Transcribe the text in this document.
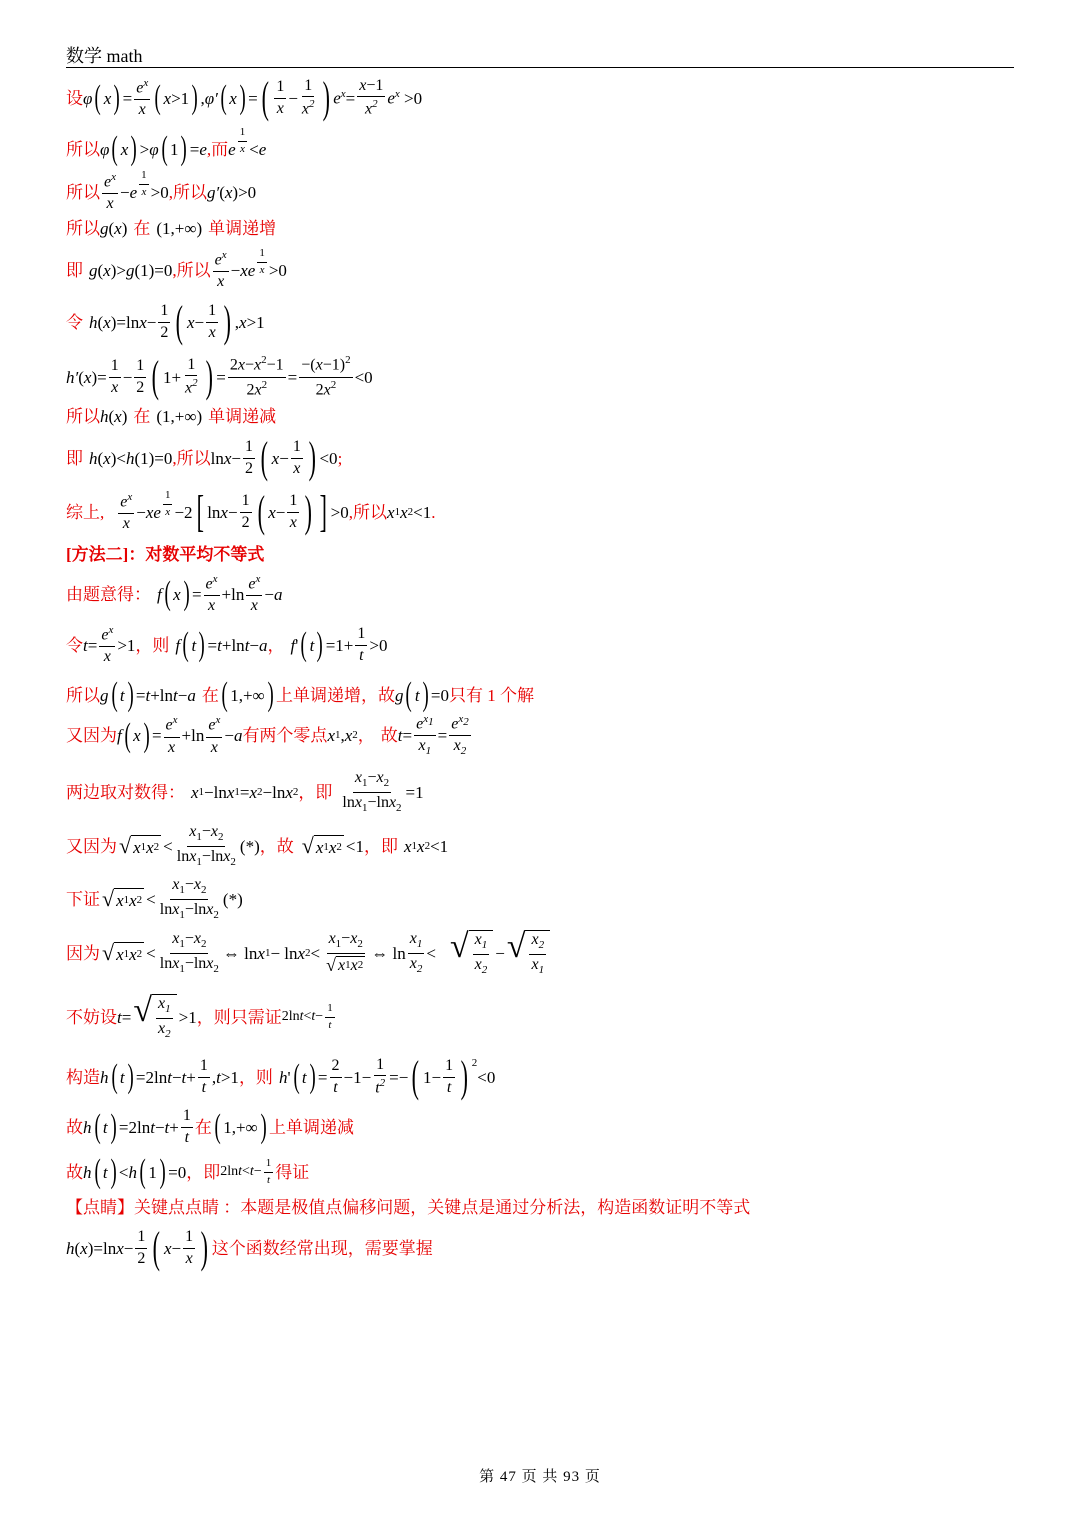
数学 math
设 φ ( x ) = $\frac{e^x}{x}$ ( x >1 ) , φ′ ( x ) = ( $\frac{1}{x} - \frac{1}{x^2}$ ) $e^x = \frac{x-1}{x^2} e^x >0$
所以 φ ( x ) > φ ( 1 ) = e ,而 e $\frac{1}{x} < e$
所以 $\frac{e^x}{x} - e \frac{1}{x} >0$ ,所以 g′ ( x )>0
所以 g ( x ) 在 (1,+∞) 单调递增
即 g ( x )> g (1)=0 ,所以 $\frac{e^x}{x}$ − xe $\frac{1}{x} >0$
令 h ( x )=ln $x - \frac{1}{2}$ ( $x - \frac{1}{x}$ ) , x >1
h′ ( x )= $\frac{1}{x} - \frac{1}{2}$ ( $1+ \frac{1}{x^2}$ ) = $\frac{2x-x^2-1}{2x^2} = \frac{-(x-1)^2}{2x^2} <0$
所以 h ( x ) 在 (1,+∞) 单调递减
即 h ( x )< h (1)=0 ,所以 $\ln x - \frac{1}{2}$ ( $x - \frac{1}{x}$ ) <0 ;
综上, $\frac{e^x}{x}$ − xe $\frac{1}{x} -2$ [ $\ln x - \frac{1}{2}$ ( $x - \frac{1}{x}$ ) ] >0 ,所以 x 1 x 2 <1 .
[方法二]：对数平均不等式
由题意得： f ( x ) = $\frac{e^x}{x} +\ln \frac{e^x}{x} - a$
令 $t = \frac{e^x}{x} >1$ ，则 f ( t ) = t +ln t − a ， f ' ( t ) $=1+ \frac{1}{t} >0$
所以 g ( t ) = t +ln t − a 在 ( 1,+∞ ) 上单调递增，故 g ( t ) =0 只有 1 个解
又因为 f ( x ) = $\frac{e^x}{x} +\ln \frac{e^x}{x} - a$ 有两个零点 x 1 , x 2 ， 故 $t = \frac{e^{x_1}}{x_1} = \frac{e^{x_2}}{x_2}$
两边取对数得： x 1 −ln x 1 = x 2 −ln x 2 ，即 $\frac{x_1-x_2}{\ln x_1-\ln x_2} =1$
又因为 √ x 1 x $2 < \frac{x_1-x_2}{\ln x_1-\ln x_2}$ (*) ，故 √ x 1 x 2 <1 ，即 x 1 x 2 <1
下证 √ x 1 x $2 < \frac{x_1-x_2}{\ln x_1-\ln x_2}$ (*)
因为 √ x 1 x $2 < \frac{x_1-x_2}{\ln x_1-\ln x_2}$ ⇔ ln x 1 − ln x $2 < \frac{x_1-x_2}{√ x 1 x 2}$ ⇔ $\ln \frac{x_1}{x_2}$ < √ $\frac{x_1}{x_2}$ − √ $\frac{x_2}{x_1}$
不妨设 t = √ $\frac{x_1}{x_2} >1$ ，则只需证 $2\ln t<t- \frac{1}{t}$
构造 h ( t ) =2ln $t - t + \frac{1}{t}$ , t >1 ，则 h ' ( t ) = $\frac{2}{t} -1- \frac{1}{t^2}$ =− ( $1- \frac{1}{t}$ ) $^2$
<0
故 h ( t ) =2ln $t - t + \frac{1}{t}$ 在 ( 1,+∞ ) 上单调递减
故 h ( t ) < h ( 1 ) =0 ，即 $2\ln t<t- \frac{1}{t}$ 得证
【点睛】 关键点点睛 ：本题是极值点偏移问题，关键点是通过分析法，构造函数证明不等式
h ( x )=ln $x - \frac{1}{2}$ ( $x - \frac{1}{x}$ ) 这个函数经常出现，需要掌握
第 47 页 共 93 页
